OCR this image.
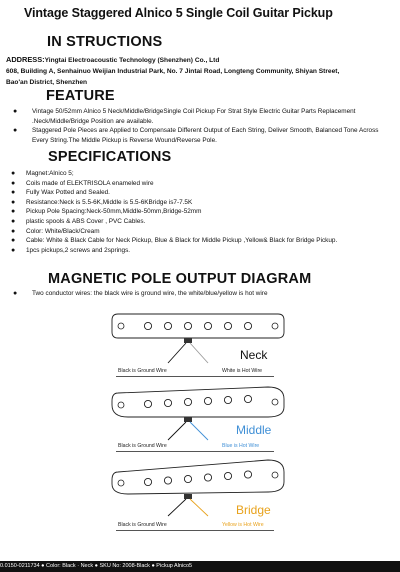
Vintage Staggered Alnico 5 Single Coil Guitar Pickup
IN STRUCTIONS
ADDRESS:Yingtai Electroacoustic Technology (Shenzhen) Co., Ltd
608, Building A, Senhainuo Weijian Industrial Park, No. 7 Jintai Road, Longteng Community, Shiyan Street,
Bao'an District, Shenzhen
FEATURE
● Vintage 50/52mm Alnico 5 Neck/Middle/BridgeSingle Coil Pickup For Strat Style Electric Guitar Parts Replacement .Neck/Middle/Bridge Position are available.
● Staggered Pole Pieces are Applied to Compensate Different Output of Each String, Deliver Smooth, Balanced Tone Across Every String.The Middle Pickup is Reverse Wound/Reverse Pole.
SPECIFICATIONS
● Magnet:Alnico 5;
● Coils made of ELEKTRISOLA enameled wire
● Fully Wax Potted and Sealed.
● Resistance:Neck is 5.5-6K,Middle is 5.5-6KBridge is7-7.5K
● Pickup Pole Spacing:Neck-50mm,Middle-50mm,Bridge-52mm
● plastic spools & ABS Cover , PVC Cables.
● Color: White/Black/Cream
● Cable: White & Black Cable for Neck Pickup, Blue & Black for Middle Pickup ,Yellow& Black for Bridge Pickup.
● 1pcs pickups,2 screws and 2springs.
MAGNETIC POLE OUTPUT DIAGRAM
● Two conductor wires: the black wire is ground wire, the white/blue/yellow is hot wire
Neck
Black is Ground Wire	White is Hot Wire
Middle
Black is Ground Wire	Blue is Hot Wire
Bridge
Black is Ground Wire	Yellow is Hot Wire
0.0150-0211734 ● Color: Black · Neck ● SKU No: 2008-Black ● Pickup Alnico5
